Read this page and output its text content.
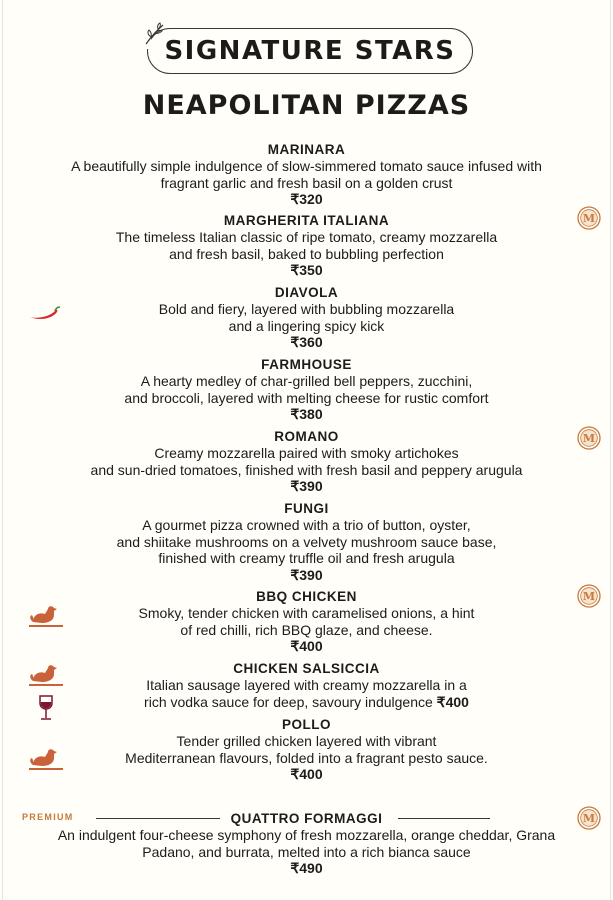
SIGNATURE STARS
NEAPOLITAN PIZZAS
MARINARA
A beautifully simple indulgence of slow-simmered tomato sauce infused with
fragrant garlic and fresh basil on a golden crust
₹320
MARGHERITA ITALIANA
The timeless Italian classic of ripe tomato, creamy mozzarella
and fresh basil, baked to bubbling perfection
₹350
DIAVOLA
Bold and fiery, layered with bubbling mozzarella
and a lingering spicy kick
₹360
FARMHOUSE
A hearty medley of char-grilled bell peppers, zucchini,
and broccoli, layered with melting cheese for rustic comfort
₹380
ROMANO
Creamy mozzarella paired with smoky artichokes
and sun-dried tomatoes, finished with fresh basil and peppery arugula
₹390
FUNGI
A gourmet pizza crowned with a trio of button, oyster,
and shiitake mushrooms on a velvety mushroom sauce base,
finished with creamy truffle oil and fresh arugula
₹390
BBQ CHICKEN
Smoky, tender chicken with caramelised onions, a hint
of red chilli, rich BBQ glaze, and cheese.
₹400
CHICKEN SALSICCIA
Italian sausage layered with creamy mozzarella in a
rich vodka sauce for deep, savoury indulgence ₹400
POLLO
Tender grilled chicken layered with vibrant
Mediterranean flavours, folded into a fragrant pesto sauce.
₹400
PREMIUM	QUATTRO FORMAGGI
An indulgent four-cheese symphony of fresh mozzarella, orange cheddar, Grana
Padano, and burrata, melted into a rich bianca sauce
₹490
M
M
M
M
